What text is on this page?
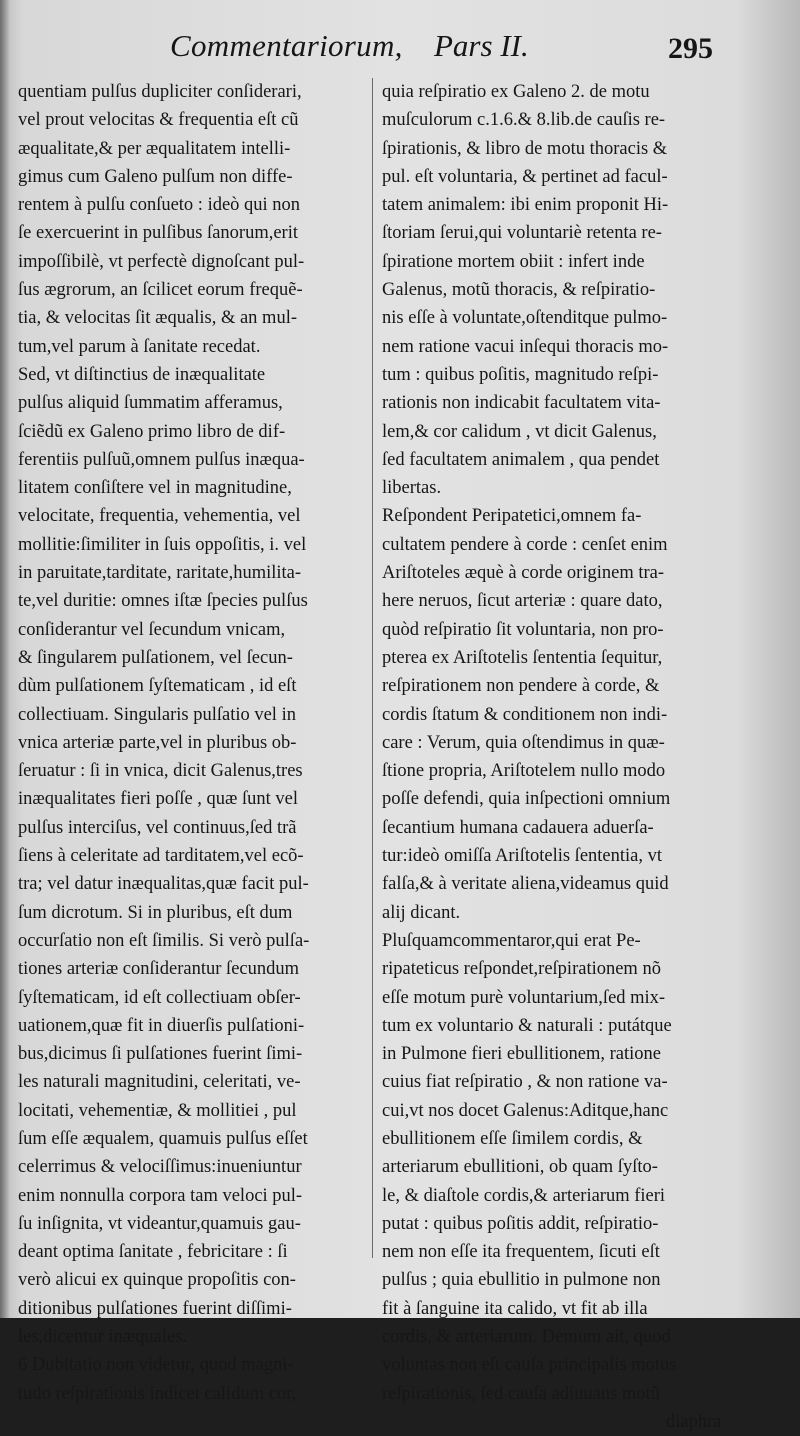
Commentariorum, Pars II.	295
quentiam pulſus dupliciter conſiderari,
vel prout velocitas & frequentia eſt cũ
æqualitate,& per æqualitatem intelli-
gimus cum Galeno pulſum non diffe-
rentem à pulſu conſueto : ideò qui non
ſe exercuerint in pulſibus ſanorum,erit
impoſſibilè, vt perfectè dignoſcant pul-
ſus ægrorum, an ſcilicet eorum frequẽ-
tia, & velocitas ſit æqualis, & an mul-
tum,vel parum à ſanitate recedat.
Sed, vt diſtinctius de inæqualitate
pulſus aliquid ſummatim afferamus,
ſciẽdũ ex Galeno primo libro de dif-
ferentiis pulſuũ,omnem pulſus inæqua-
litatem conſiſtere vel in magnitudine,
velocitate, frequentia, vehementia, vel
mollitie:ſimiliter in ſuis oppoſitis, i. vel
in paruitate,tarditate, raritate,humilita-
te,vel duritie: omnes iſtæ ſpecies pulſus
conſiderantur vel ſecundum vnicam,
& ſingularem pulſationem, vel ſecun-
dùm pulſationem ſyſtematicam , id eſt
collectiuam. Singularis pulſatio vel in
vnica arteriæ parte,vel in pluribus ob-
ſeruatur : ſi in vnica, dicit Galenus,tres
inæqualitates fieri poſſe , quæ ſunt vel
pulſus interciſus, vel continuus,ſed trã
ſiens à celeritate ad tarditatem,vel ecõ-
tra; vel datur inæqualitas,quæ facit pul-
ſum dicrotum. Si in pluribus, eſt dum
occurſatio non eſt ſimilis. Si verò pulſa-
tiones arteriæ conſiderantur ſecundum
ſyſtematicam, id eſt collectiuam obſer-
uationem,quæ fit in diuerſis pulſationi-
bus,dicimus ſi pulſationes fuerint ſimi-
les naturali magnitudini, celeritati, ve-
locitati, vehementiæ, & mollitiei , pul
ſum eſſe æqualem, quamuis pulſus eſſet
celerrimus & velociſſimus:inueniuntur
enim nonnulla corpora tam veloci pul-
ſu inſignita, vt videantur,quamuis gau-
deant optima ſanitate , febricitare : ſi
verò alicui ex quinque propoſitis con-
ditionibus pulſationes fuerint diſſimi-
les,dicentur inæquales.
6 Dubitatio non videtur, quod magni-
tudo reſpirationis indicet calidum cor,
quia reſpiratio ex Galeno 2. de motu
muſculorum c.1.6.& 8.lib.de cauſis re-
ſpirationis, & libro de motu thoracis &
pul. eſt voluntaria, & pertinet ad facul-
tatem animalem: ibi enim proponit Hi-
ſtoriam ſerui,qui voluntariè retenta re-
ſpiratione mortem obiit : infert inde
Galenus, motũ thoracis, & reſpiratio-
nis eſſe à voluntate,oſtenditque pulmo-
nem ratione vacui inſequi thoracis mo-
tum : quibus poſitis, magnitudo reſpi-
rationis non indicabit facultatem vita-
lem,& cor calidum , vt dicit Galenus,
ſed facultatem animalem , qua pendet
libertas.
Reſpondent Peripatetici,omnem fa-
cultatem pendere à corde : cenſet enim
Ariſtoteles æquè à corde originem tra-
here neruos, ſicut arteriæ : quare dato,
quòd reſpiratio ſit voluntaria, non pro-
pterea ex Ariſtotelis ſententia ſequitur,
reſpirationem non pendere à corde, &
cordis ſtatum & conditionem non indi-
care : Verum, quia oſtendimus in quæ-
ſtione propria, Ariſtotelem nullo modo
poſſe defendi, quia inſpectioni omnium
ſecantium humana cadauera aduerſa-
tur:ideò omiſſa Ariſtotelis ſententia, vt
falſa,& à veritate aliena,videamus quid
alij dicant.
Pluſquamcommentaror,qui erat Pe-
ripateticus reſpondet,reſpirationem nõ
eſſe motum purè voluntarium,ſed mix-
tum ex voluntario & naturali : putátque
in Pulmone fieri ebullitionem, ratione
cuius fiat reſpiratio , & non ratione va-
cui,vt nos docet Galenus:Aditque,hanc
ebullitionem eſſe ſimilem cordis, &
arteriarum ebullitioni, ob quam ſyſto-
le, & diaſtole cordis,& arteriarum fieri
putat : quibus poſitis addit, reſpiratio-
nem non eſſe ita frequentem, ſicuti eſt
pulſus ; quia ebullitio in pulmone non
fit à ſanguine ita calido, vt fit ab illa
cordis, & arteriarum. Demum ait, quod
voluntas non eſt cauſa principalis motus
reſpirationis, ſed cauſa adiuuans motũ
diaphra
